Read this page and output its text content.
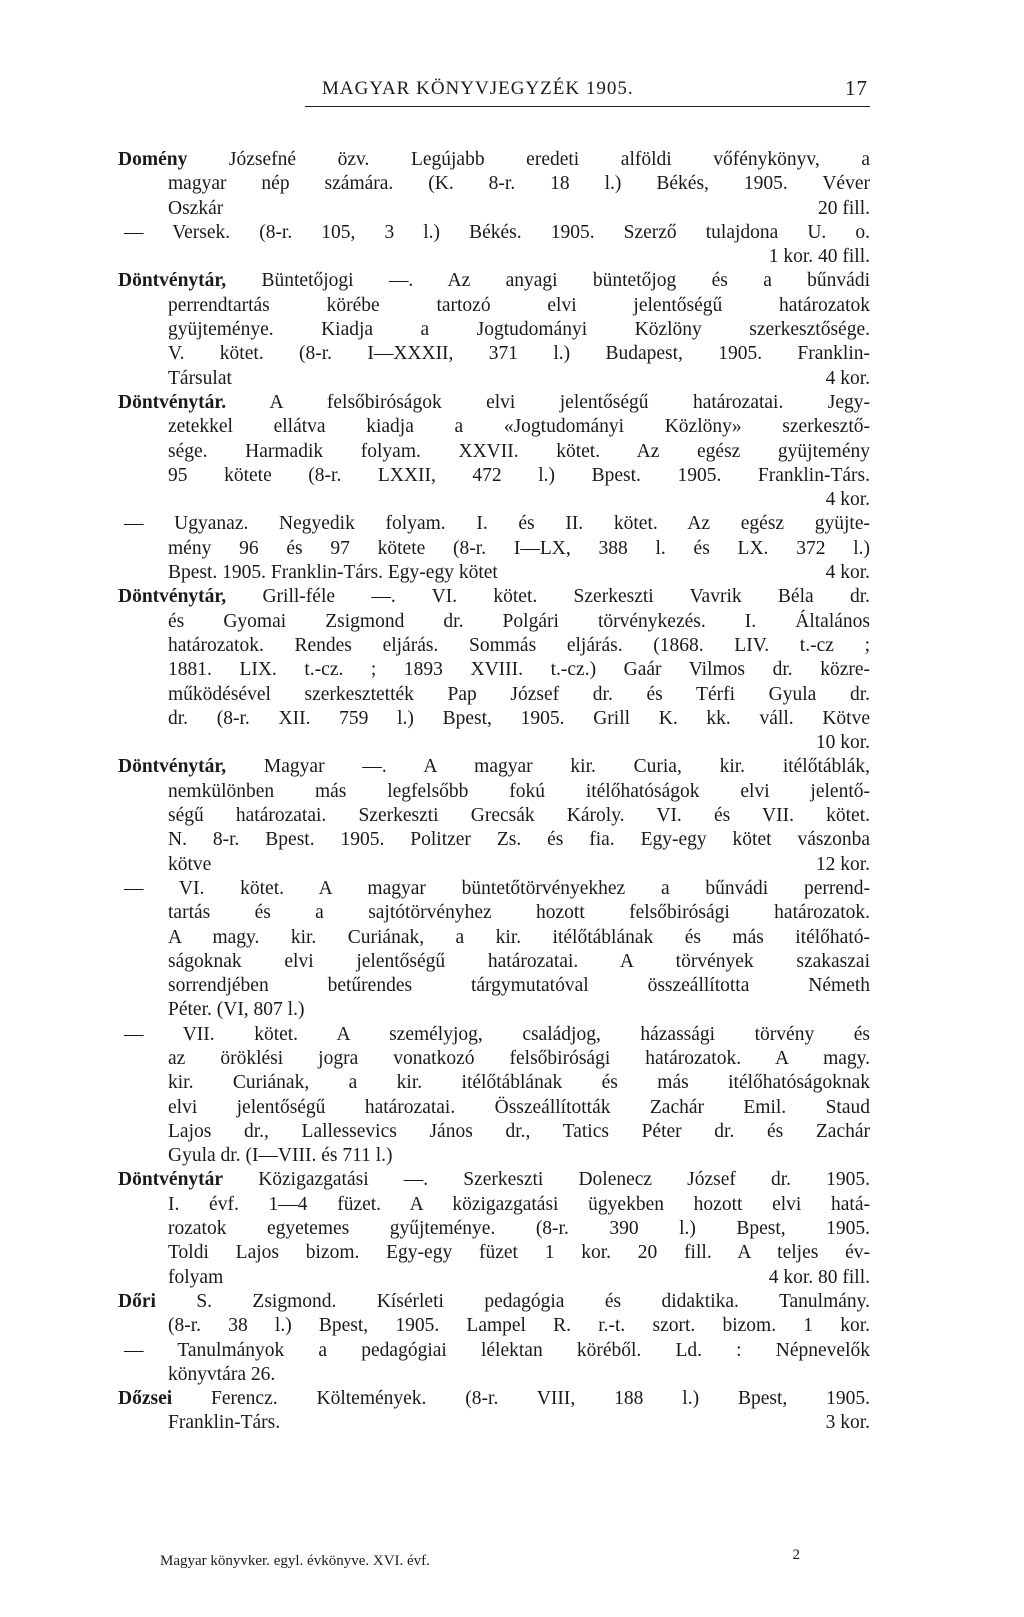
MAGYAR KÖNYVJEGYZÉK 1905.	17
Domény Józsefné özv. Legújabb eredeti alföldi vőfénykönyv, a
magyar nép számára. (K. 8-r. 18 l.) Békés, 1905. Véver
20 fill.
Oszkár
— Versek. (8-r. 105, 3 l.) Békés. 1905. Szerző tulajdona U. o.
1 kor. 40 fill.
Döntvénytár, Büntetőjogi —. Az anyagi büntetőjog és a bűnvádi
perrendtartás körébe tartozó elvi jelentőségű határozatok
gyüjteménye. Kiadja a Jogtudományi Közlöny szerkesztősége.
V. kötet. (8-r. I—XXXII, 371 l.) Budapest, 1905. Franklin-
4 kor.
Társulat
Döntvénytár. A felsőbiróságok elvi jelentőségű határozatai. Jegy-
zetekkel ellátva kiadja a «Jogtudományi Közlöny» szerkesztő-
sége. Harmadik folyam. XXVII. kötet. Az egész gyüjtemény
95 kötete (8-r. LXXII, 472 l.) Bpest. 1905. Franklin-Társ.
4 kor.
— Ugyanaz. Negyedik folyam. I. és II. kötet. Az egész gyüjte-
mény 96 és 97 kötete (8-r. I—LX, 388 l. és LX. 372 l.)
4 kor.
Bpest. 1905. Franklin-Társ. Egy-egy kötet
Döntvénytár, Grill-féle —. VI. kötet. Szerkeszti Vavrik Béla dr.
és Gyomai Zsigmond dr. Polgári törvénykezés. I. Általános
határozatok. Rendes eljárás. Sommás eljárás. (1868. LIV. t.-cz ;
1881. LIX. t.-cz. ; 1893 XVIII. t.-cz.) Gaár Vilmos dr. közre-
működésével szerkesztették Pap József dr. és Térfi Gyula dr.
dr. (8-r. XII. 759 l.) Bpest, 1905. Grill K. kk. váll. Kötve
10 kor.
Döntvénytár, Magyar —. A magyar kir. Curia, kir. itélőtáblák,
nemkülönben más legfelsőbb fokú itélőhatóságok elvi jelentő-
ségű határozatai. Szerkeszti Grecsák Károly. VI. és VII. kötet.
N. 8-r. Bpest. 1905. Politzer Zs. és fia. Egy-egy kötet vászonba
12 kor.
kötve
— VI. kötet. A magyar büntetőtörvényekhez a bűnvádi perrend-
tartás és a sajtótörvényhez hozott felsőbirósági határozatok.
A magy. kir. Curiának, a kir. itélőtáblának és más itélőható-
ságoknak elvi jelentőségű határozatai. A törvények szakaszai
sorrendjében betűrendes tárgymutatóval összeállította Németh
Péter. (VI, 807 l.)
— VII. kötet. A személyjog, családjog, házassági törvény és
az öröklési jogra vonatkozó felsőbirósági határozatok. A magy.
kir. Curiának, a kir. itélőtáblának és más itélőhatóságoknak
elvi jelentőségű határozatai. Összeállították Zachár Emil. Staud
Lajos dr., Lallesseviсs János dr., Tatics Péter dr. és Zachár
Gyula dr. (I—VIII. és 711 l.)
Döntvénytár Közigazgatási —. Szerkeszti Dolenecz József dr. 1905.
I. évf. 1—4 füzet. A közigazgatási ügyekben hozott elvi hatá-
rozatok egyetemes gyűjteménye. (8-r. 390 l.) Bpest, 1905.
Toldi Lajos bizom. Egy-egy füzet 1 kor. 20 fill. A teljes év-
4 kor. 80 fill.
folyam
Dőri S. Zsigmond. Kísérleti pedagógia és didaktika. Tanulmány.
(8-r. 38 l.) Bpest, 1905. Lampel R. r.-t. szort. bizom. 1 kor.
— Tanulmányok a pedagógiai lélektan köréből. Ld. : Népnevelők
könyvtára 26.
Dőzsei Ferencz. Költemények. (8-r. VIII, 188 l.) Bpest, 1905.
3 kor.
Franklin-Társ.
Magyar könyvker. egyl. évkönyve. XVI. évf.	2
